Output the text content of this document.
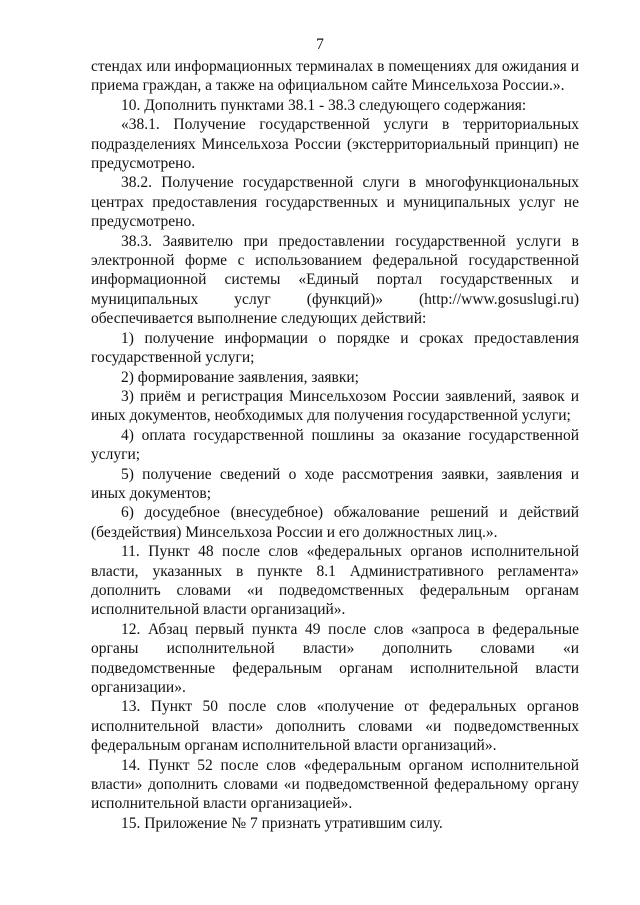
7

стендах или информационных терминалах в помещениях для ожидания и приема граждан, а также на официальном сайте Минсельхоза России.».

10. Дополнить пунктами 38.1 - 38.3 следующего содержания:

«38.1. Получение государственной услуги в территориальных подразделениях Минсельхоза России (экстерриториальный принцип) не предусмотрено.

38.2. Получение государственной слуги в многофункциональных центрах предоставления государственных и муниципальных услуг не предусмотрено.

38.3. Заявителю при предоставлении государственной услуги в электронной форме с использованием федеральной государственной информационной системы «Единый портал государственных и муниципальных услуг (функций)» (http://www.gosuslugi.ru) обеспечивается выполнение следующих действий:

1) получение информации о порядке и сроках предоставления государственной услуги;

2) формирование заявления, заявки;

3) приём и регистрация Минсельхозом России заявлений, заявок и иных документов, необходимых для получения государственной услуги;

4) оплата государственной пошлины за оказание государственной услуги;

5) получение сведений о ходе рассмотрения заявки, заявления и иных документов;

6) досудебное (внесудебное) обжалование решений и действий (бездействия) Минсельхоза России и его должностных лиц.».

11. Пункт 48 после слов «федеральных органов исполнительной власти, указанных в пункте 8.1 Административного регламента» дополнить словами «и подведомственных федеральным органам исполнительной власти организаций».

12. Абзац первый пункта 49 после слов «запроса в федеральные органы исполнительной власти» дополнить словами «и подведомственные федеральным органам исполнительной власти организации».

13. Пункт 50 после слов «получение от федеральных органов исполнительной власти» дополнить словами «и подведомственных федеральным органам исполнительной власти организаций».

14. Пункт 52 после слов «федеральным органом исполнительной власти» дополнить словами «и подведомственной федеральному органу исполнительной власти организацией».

15. Приложение № 7 признать утратившим силу.
